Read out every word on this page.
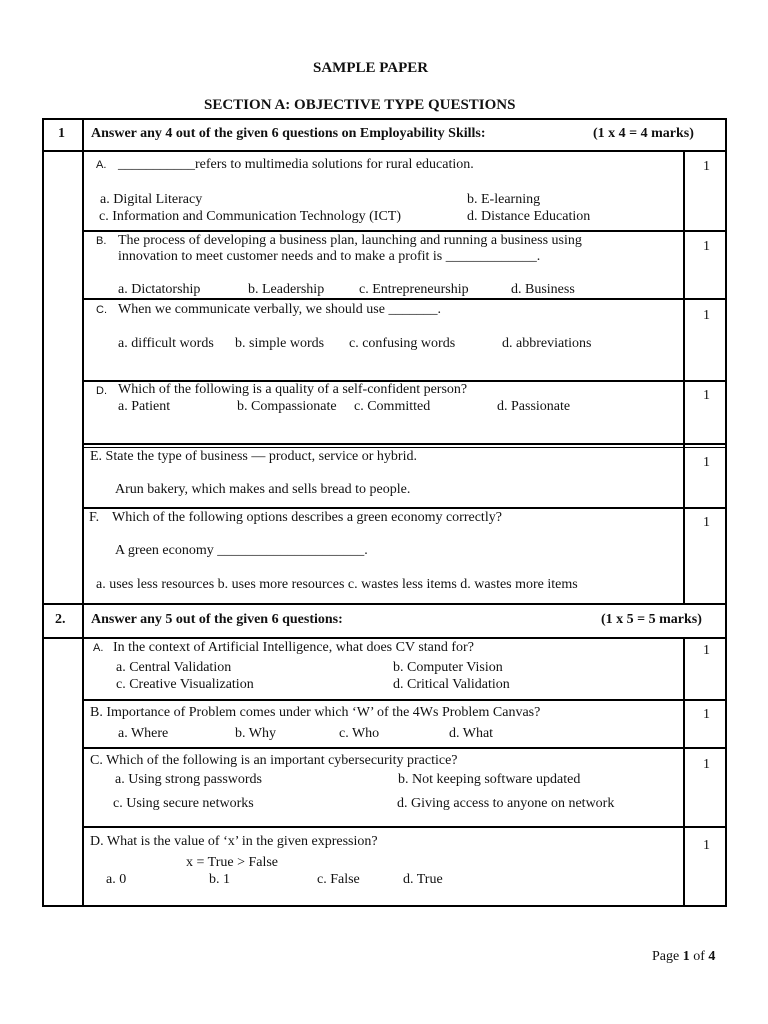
SAMPLE PAPER
SECTION A: OBJECTIVE TYPE QUESTIONS
1 Answer any 4 out of the given 6 questions on Employability Skills:	(1 x 4 = 4 marks)
A. ___________refers to multimedia solutions for rural education.
a. Digital Literacy	b. E-learning
c. Information and Communication Technology (ICT)	d. Distance Education
1
B. The process of developing a business plan, launching and running a business using
innovation to meet customer needs and to make a profit is _____________.
a. Dictatorship	b. Leadership c. Entrepreneurship	d. Business
1
C. When we communicate verbally, we should use _______.
a. difficult words b. simple words c. confusing words	d. abbreviations
1
D. Which of the following is a quality of a self-confident person?
a. Patient	b. Compassionate c. Committed	d. Passionate
1
E. State the type of business — product, service or hybrid.
Arun bakery, which makes and sells bread to people.
1
F. Which of the following options describes a green economy correctly?
A green economy _____________________.
a. uses less resources b. uses more resources c. wastes less items d. wastes more items
1
2. Answer any 5 out of the given 6 questions:	(1 x 5 = 5 marks)
A. In the context of Artificial Intelligence, what does CV stand for?
a. Central Validation	b. Computer Vision
c. Creative Visualization	d. Critical Validation
1
B. Importance of Problem comes under which ‘W’ of the 4Ws Problem Canvas?
a. Where	b. Why	c. Who	d. What
1
C. Which of the following is an important cybersecurity practice?
a. Using strong passwords	b. Not keeping software updated
c. Using secure networks	d. Giving access to anyone on network
1
D. What is the value of ‘x’ in the given expression?
x = True > False
a. 0	b. 1	c. False	d. True
1
Page 1 of 4
